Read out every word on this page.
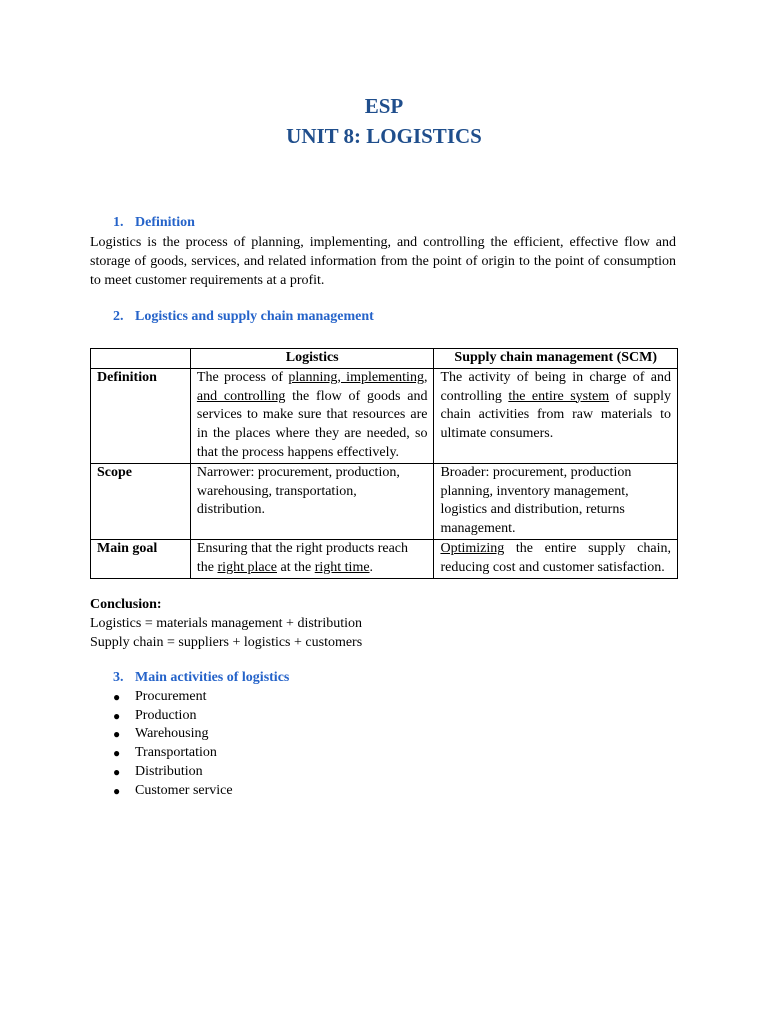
ESP
UNIT 8: LOGISTICS
1. Definition

Logistics is the process of planning, implementing, and controlling the efficient, effective flow and storage of goods, services, and related information from the point of origin to the point of consumption to meet customer requirements at a profit.

2. Logistics and supply chain management
	Logistics	Supply chain management (SCM)
Definition	The process of planning, implementing, and controlling the flow of goods and services to make sure that resources are in the places where they are needed, so that the process happens effectively.	The activity of being in charge of and controlling the entire system of supply chain activities from raw materials to ultimate consumers.
Scope	Narrower: procurement, production, warehousing, transportation, distribution.	Broader: procurement, production planning, inventory management, logistics and distribution, returns management.
Main goal	Ensuring that the right products reach the right place at the right time.	Optimizing the entire supply chain, reducing cost and customer satisfaction.
Conclusion:
Logistics = materials management + distribution
Supply chain = suppliers + logistics + customers
3. Main activities of logistics
●	Procurement
●	Production
●	Warehousing
●	Transportation
●	Distribution
●	Customer service
